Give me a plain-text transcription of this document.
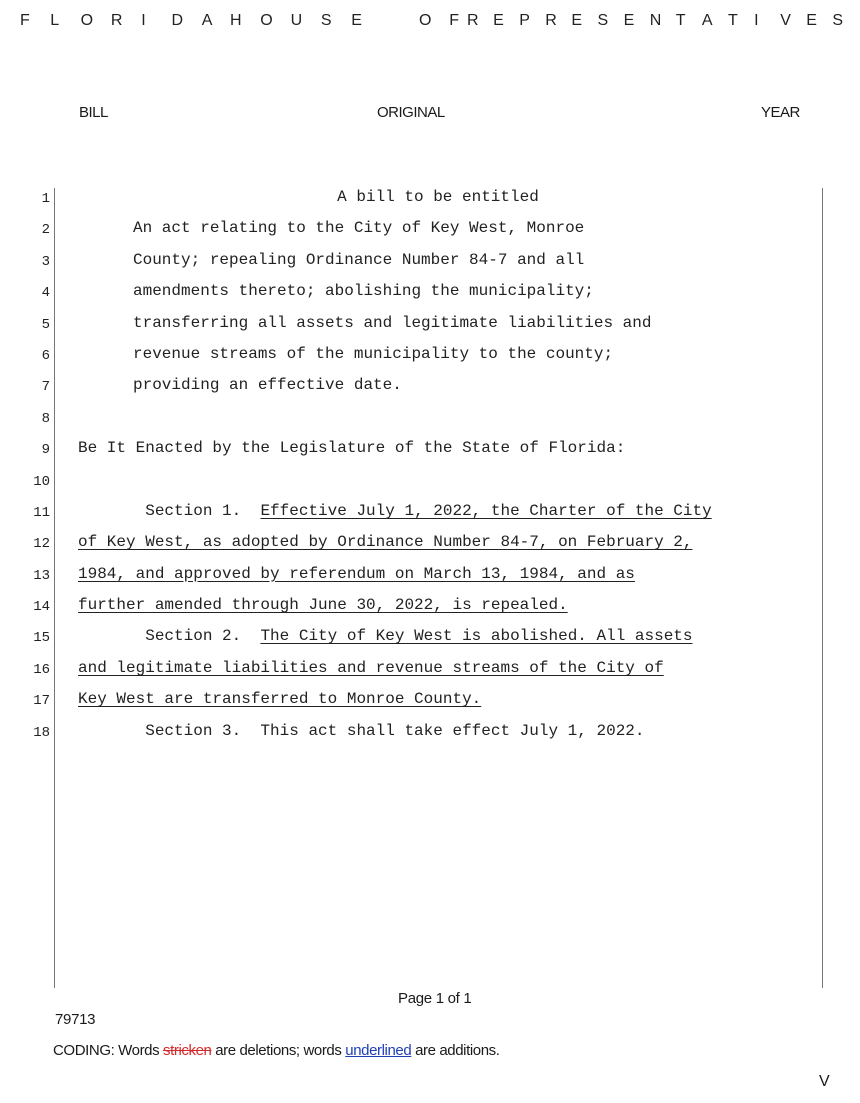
F L O R I D A H O U S E	O F R E P R E S E N T A T I V E S
BILL	ORIGINAL	YEAR
1	A bill to be entitled
2	An act relating to the City of Key West, Monroe
3	County; repealing Ordinance Number 84-7 and all
4	amendments thereto; abolishing the municipality;
5	transferring all assets and legitimate liabilities and
6	revenue streams of the municipality to the county;
7	providing an effective date.
8
9 Be It Enacted by the Legislature of the State of Florida:
10
11 Section 1.  Effective July 1, 2022, the Charter of the City
12 of Key West, as adopted by Ordinance Number 84-7, on February 2,
13 1984, and approved by referendum on March 13, 1984, and as
14 further amended through June 30, 2022, is repealed.
15 Section 2.  The City of Key West is abolished. All assets
16 and legitimate liabilities and revenue streams of the City of
17 Key West are transferred to Monroe County.
18 Section 3.  This act shall take effect July 1, 2022.
Page 1 of 1
79713
CODING: Words stricken are deletions; words underlined are additions.
V
